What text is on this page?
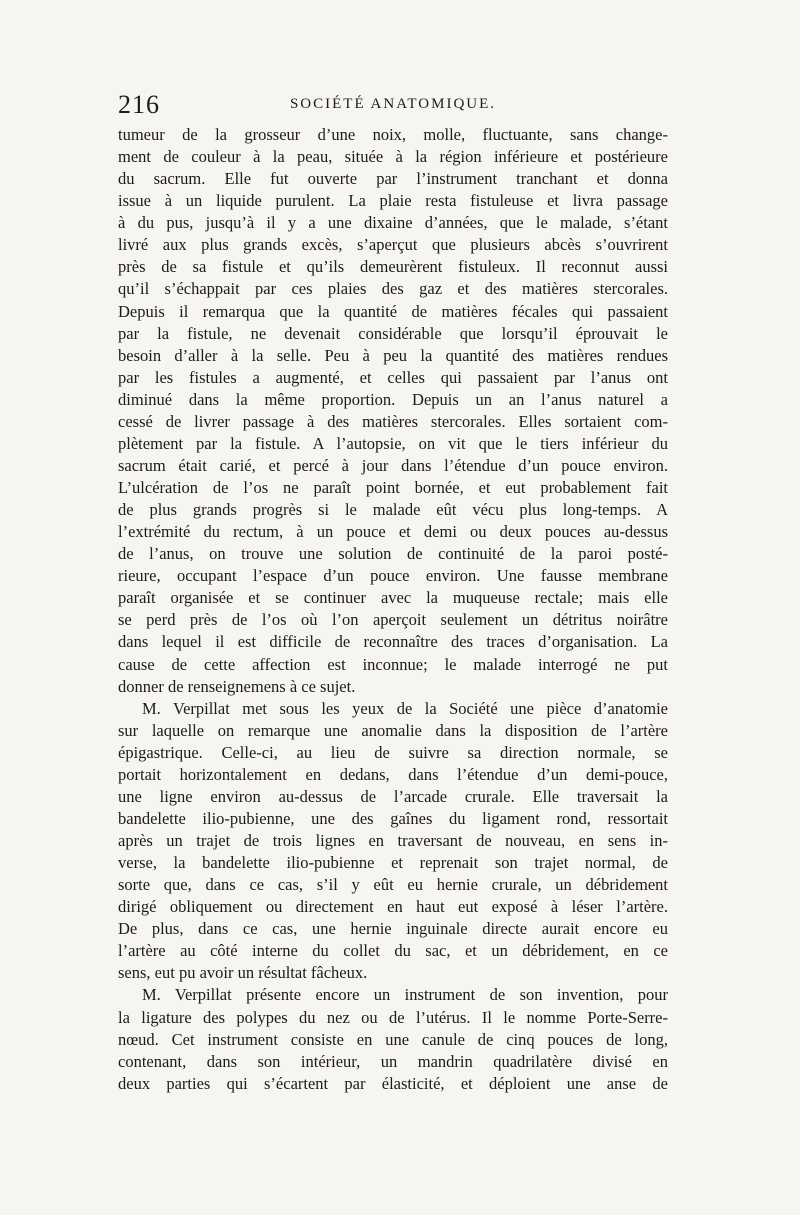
216	SOCIÉTÉ ANATOMIQUE.
tumeur de la grosseur d’une noix, molle, fluctuante, sans change-
ment de couleur à la peau, située à la région inférieure et postérieure
du sacrum. Elle fut ouverte par l’instrument tranchant et donna
issue à un liquide purulent. La plaie resta fistuleuse et livra passage
à du pus, jusqu’à il y a une dixaine d’années, que le malade, s’étant
livré aux plus grands excès, s’aperçut que plusieurs abcès s’ouvrirent
près de sa fistule et qu’ils demeurèrent fistuleux. Il reconnut aussi
qu’il s’échappait par ces plaies des gaz et des matières stercorales.
Depuis il remarqua que la quantité de matières fécales qui passaient
par la fistule, ne devenait considérable que lorsqu’il éprouvait le
besoin d’aller à la selle. Peu à peu la quantité des matières rendues
par les fistules a augmenté, et celles qui passaient par l’anus ont
diminué dans la même proportion. Depuis un an l’anus naturel a
cessé de livrer passage à des matières stercorales. Elles sortaient com-
plètement par la fistule. A l’autopsie, on vit que le tiers inférieur du
sacrum était carié, et percé à jour dans l’étendue d’un pouce environ.
L’ulcération de l’os ne paraît point bornée, et eut probablement fait
de plus grands progrès si le malade eût vécu plus long-temps. A
l’extrémité du rectum, à un pouce et demi ou deux pouces au-dessus
de l’anus, on trouve une solution de continuité de la paroi posté-
rieure, occupant l’espace d’un pouce environ. Une fausse membrane
paraît organisée et se continuer avec la muqueuse rectale; mais elle
se perd près de l’os où l’on aperçoit seulement un détritus noirâtre
dans lequel il est difficile de reconnaître des traces d’organisation. La
cause de cette affection est inconnue; le malade interrogé ne put
donner de renseignemens à ce sujet.
M. Verpillat met sous les yeux de la Société une pièce d’anatomie
sur laquelle on remarque une anomalie dans la disposition de l’artère
épigastrique. Celle-ci, au lieu de suivre sa direction normale, se
portait horizontalement en dedans, dans l’étendue d’un demi-pouce,
une ligne environ au-dessus de l’arcade crurale. Elle traversait la
bandelette ilio-pubienne, une des gaînes du ligament rond, ressortait
après un trajet de trois lignes en traversant de nouveau, en sens in-
verse, la bandelette ilio-pubienne et reprenait son trajet normal, de
sorte que, dans ce cas, s’il y eût eu hernie crurale, un débridement
dirigé obliquement ou directement en haut eut exposé à léser l’artère.
De plus, dans ce cas, une hernie inguinale directe aurait encore eu
l’artère au côté interne du collet du sac, et un débridement, en ce
sens, eut pu avoir un résultat fâcheux.
M. Verpillat présente encore un instrument de son invention, pour
la ligature des polypes du nez ou de l’utérus. Il le nomme Porte-Serre-
nœud. Cet instrument consiste en une canule de cinq pouces de long,
contenant, dans son intérieur, un mandrin quadrilatère divisé en
deux parties qui s’écartent par élasticité, et déploient une anse de
